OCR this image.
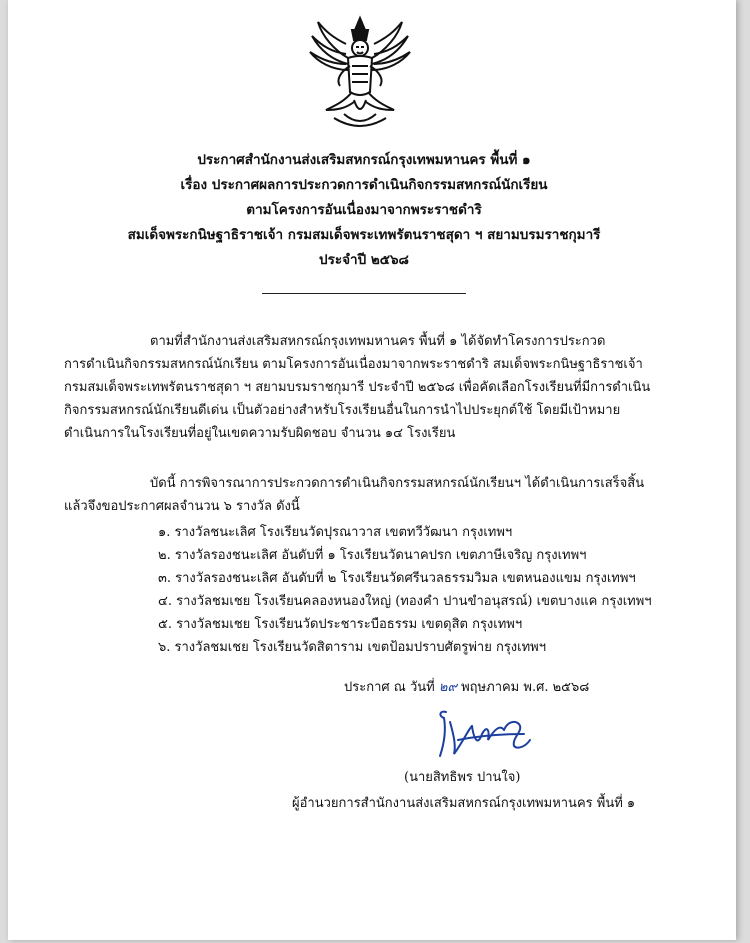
ประกาศสำนักงานส่งเสริมสหกรณ์กรุงเทพมหานคร พื้นที่ ๑
เรื่อง ประกาศผลการประกวดการดำเนินกิจกรรมสหกรณ์นักเรียน
ตามโครงการอันเนื่องมาจากพระราชดำริ
สมเด็จพระกนิษฐาธิราชเจ้า กรมสมเด็จพระเทพรัตนราชสุดา ฯ สยามบรมราชกุมารี
ประจำปี ๒๕๖๘
ตามที่สำนักงานส่งเสริมสหกรณ์กรุงเทพมหานคร พื้นที่ ๑ ได้จัดทำโครงการประกวด
การดำเนินกิจกรรมสหกรณ์นักเรียน ตามโครงการอันเนื่องมาจากพระราชดำริ สมเด็จพระกนิษฐาธิราชเจ้า
กรมสมเด็จพระเทพรัตนราชสุดา ฯ สยามบรมราชกุมารี ประจำปี ๒๕๖๘ เพื่อคัดเลือกโรงเรียนที่มีการดำเนิน
กิจกรรมสหกรณ์นักเรียนดีเด่น เป็นตัวอย่างสำหรับโรงเรียนอื่นในการนำไปประยุกต์ใช้ โดยมีเป้าหมาย
ดำเนินการในโรงเรียนที่อยู่ในเขตความรับผิดชอบ จำนวน ๑๔ โรงเรียน
บัดนี้ การพิจารณาการประกวดการดำเนินกิจกรรมสหกรณ์นักเรียนฯ ได้ดำเนินการเสร็จสิ้น
แล้วจึงขอประกาศผลจำนวน ๖ รางวัล ดังนี้
๑. รางวัลชนะเลิศ โรงเรียนวัดปุรณาวาส เขตทวีวัฒนา กรุงเทพฯ
๒. รางวัลรองชนะเลิศ อันดับที่ ๑ โรงเรียนวัดนาคปรก เขตภาษีเจริญ กรุงเทพฯ
๓. รางวัลรองชนะเลิศ อันดับที่ ๒ โรงเรียนวัดศรีนวลธรรมวิมล เขตหนองแขม กรุงเทพฯ
๔. รางวัลชมเชย โรงเรียนคลองหนองใหญ่ (ทองคำ ปานขำอนุสรณ์) เขตบางแค กรุงเทพฯ
๕. รางวัลชมเชย โรงเรียนวัดประชาระบือธรรม เขตดุสิต กรุงเทพฯ
๖. รางวัลชมเชย โรงเรียนวัดสิตาราม เขตป้อมปราบศัตรูพ่าย กรุงเทพฯ
ประกาศ ณ วันที่ ๒๙ พฤษภาคม พ.ศ. ๒๕๖๘
(นายสิทธิพร ปานใจ)
ผู้อำนวยการสำนักงานส่งเสริมสหกรณ์กรุงเทพมหานคร พื้นที่ ๑
